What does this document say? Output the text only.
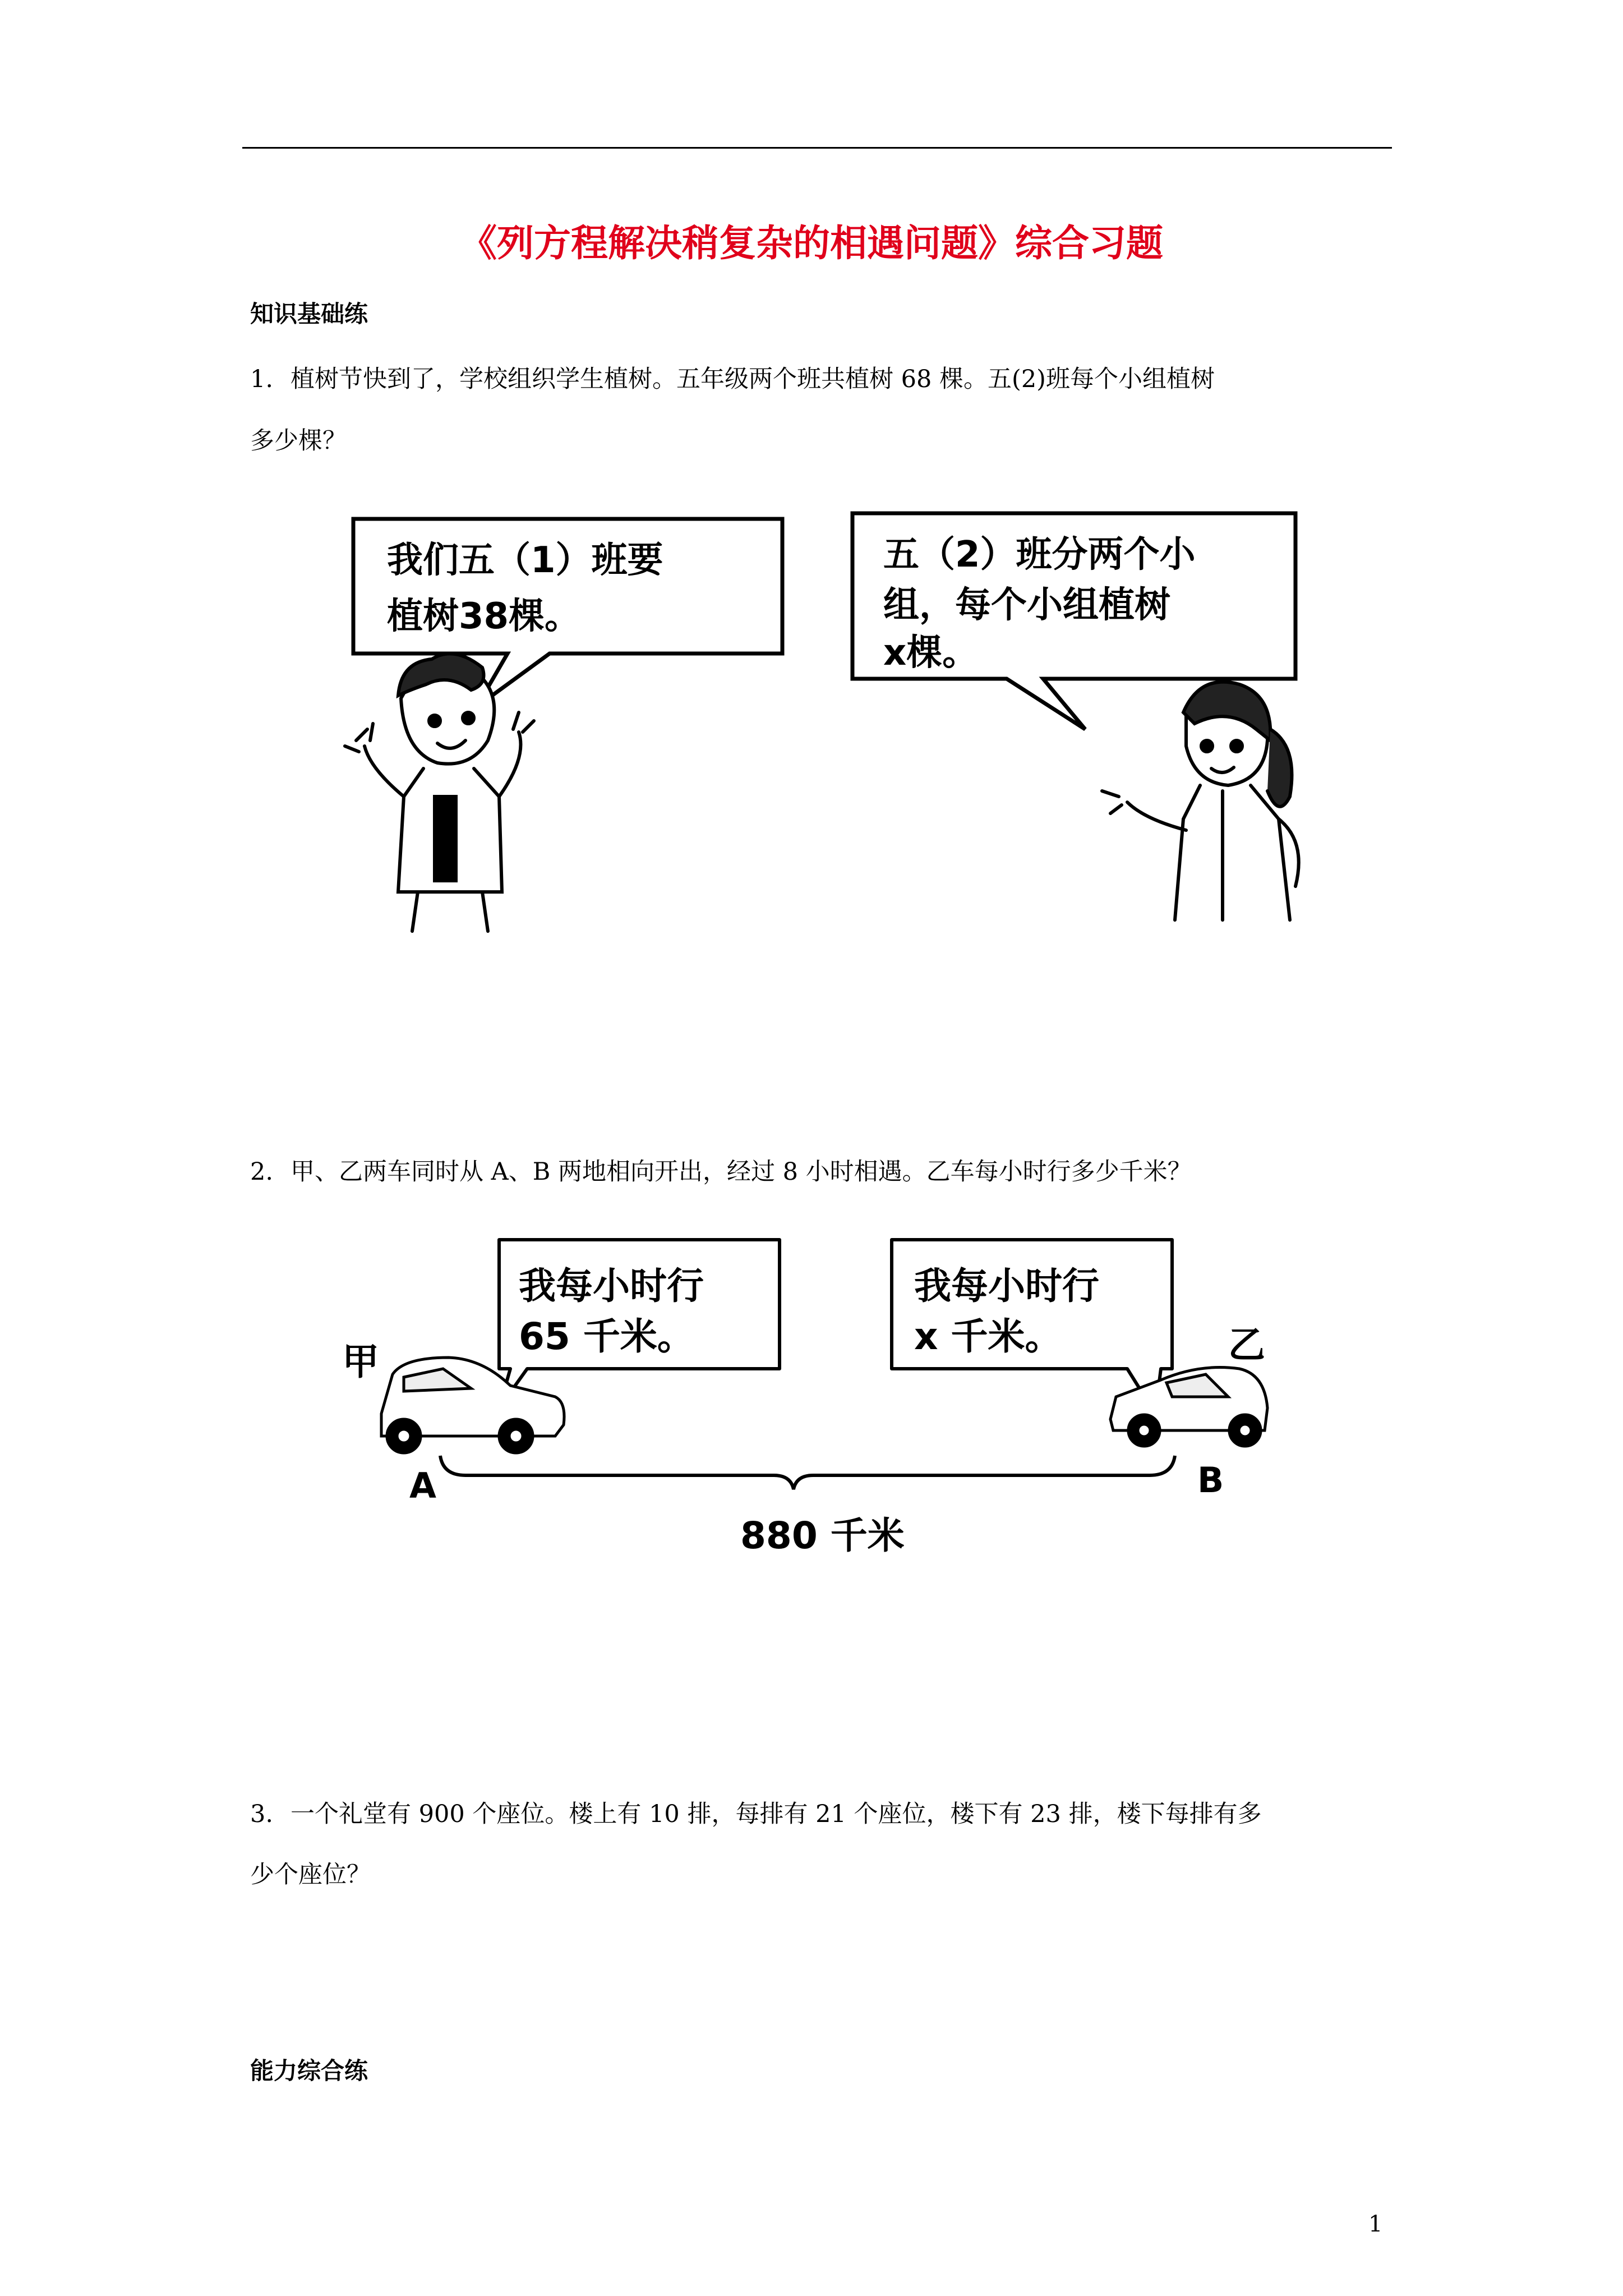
《列方程解决稍复杂的相遇问题》综合习题
知识基础练
1. 植树节快到了，学校组织学生植树。五年级两个班共植树 68 棵。五(2)班每个小组植树
多少棵？
我们五（1）班要
植树38棵。
五（2）班分两个小
组，每个小组植树
x棵。
2. 甲、乙两车同时从 A、B 两地相向开出，经过 8 小时相遇。乙车每小时行多少千米？
我每小时行
65 千米。
我每小时行
x 千米。
甲	乙
A	B
880 千米
3. 一个礼堂有 900 个座位。楼上有 10 排，每排有 21 个座位，楼下有 23 排，楼下每排有多
少个座位？
能力综合练
1
